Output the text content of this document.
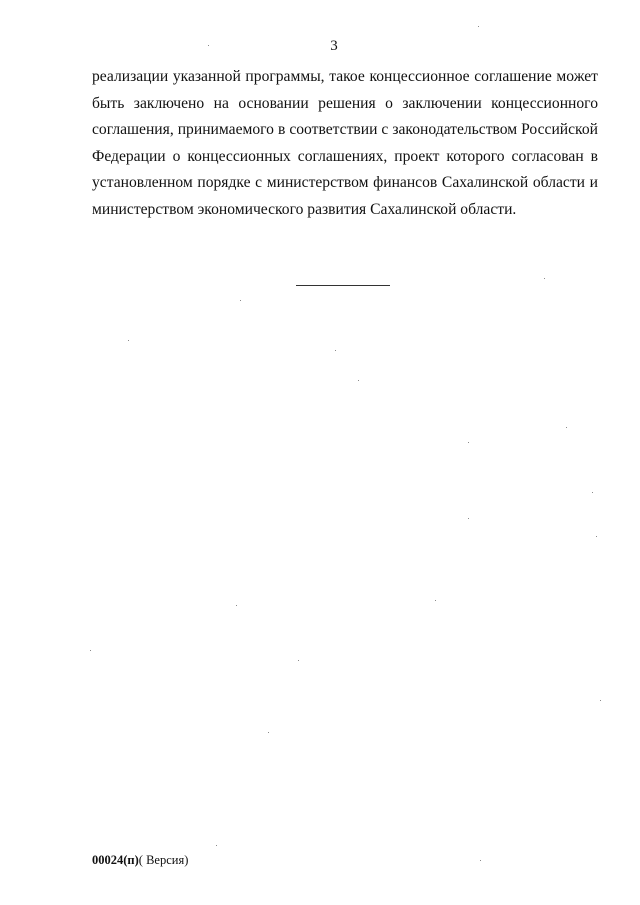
3
реализации указанной программы, такое концессионное соглашение может
быть заключено на основании решения о заключении концессионного
соглашения, принимаемого в соответствии с законодательством Российской
Федерации о концессионных соглашениях, проект которого согласован в
установленном порядке с министерством финансов Сахалинской области и
министерством экономического развития Сахалинской области.
00024(п)( Версия)
